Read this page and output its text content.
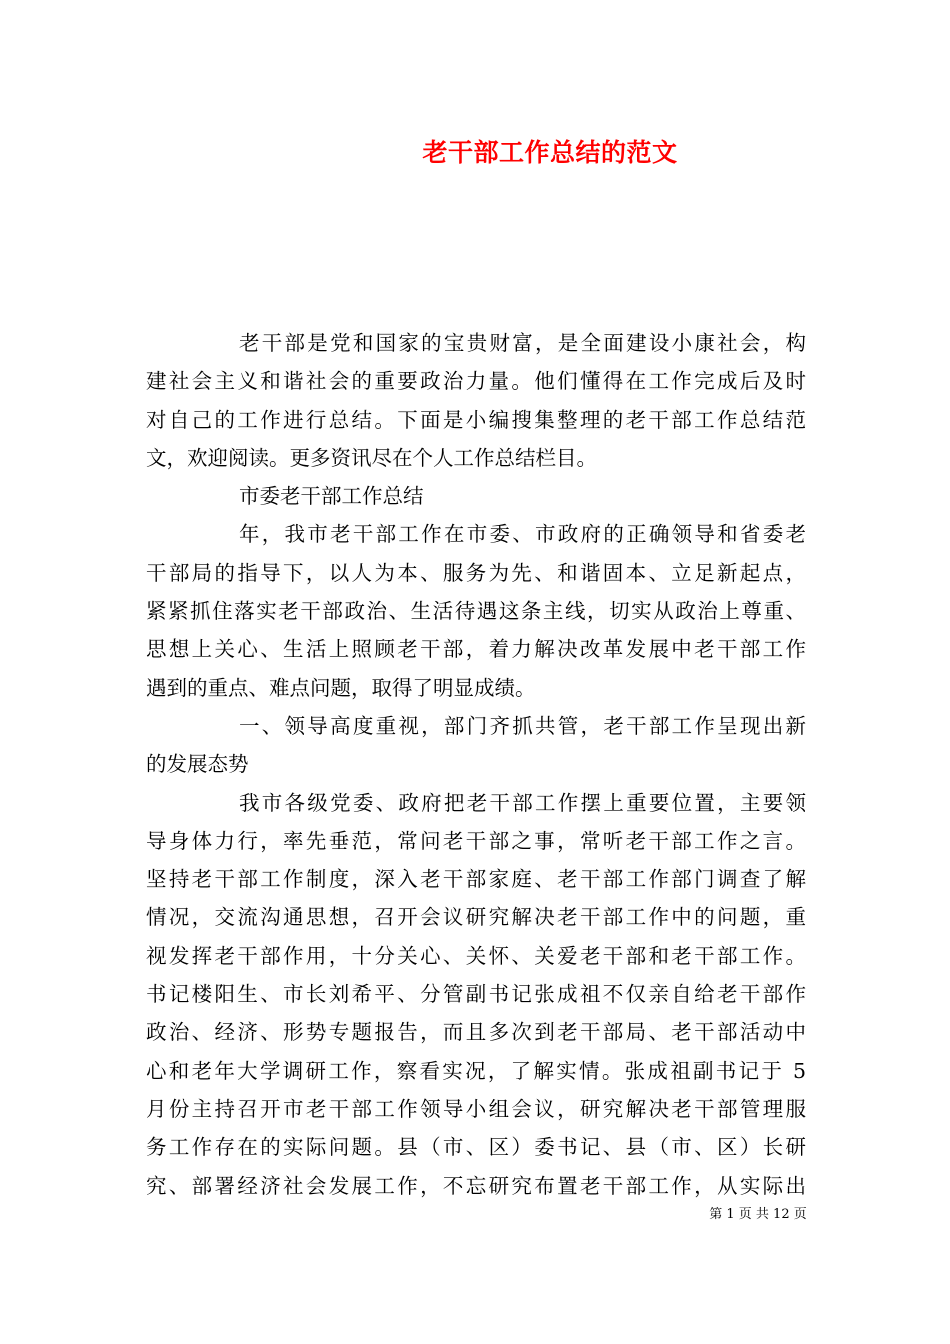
老干部工作总结的范文
老干部是党和国家的宝贵财富，是全面建设小康社会，构
建社会主义和谐社会的重要政治力量。他们懂得在工作完成后及时
对自己的工作进行总结。下面是小编搜集整理的老干部工作总结范
文，欢迎阅读。更多资讯尽在个人工作总结栏目。
市委老干部工作总结
年，我市老干部工作在市委、市政府的正确领导和省委老
干部局的指导下，以人为本、服务为先、和谐固本、立足新起点，
紧紧抓住落实老干部政治、生活待遇这条主线，切实从政治上尊重、
思想上关心、生活上照顾老干部，着力解决改革发展中老干部工作
遇到的重点、难点问题，取得了明显成绩。
一、领导高度重视，部门齐抓共管，老干部工作呈现出新
的发展态势
我市各级党委、政府把老干部工作摆上重要位置，主要领
导身体力行，率先垂范，常问老干部之事，常听老干部工作之言。
坚持老干部工作制度，深入老干部家庭、老干部工作部门调查了解
情况，交流沟通思想，召开会议研究解决老干部工作中的问题，重
视发挥老干部作用，十分关心、关怀、关爱老干部和老干部工作。
书记楼阳生、市长刘希平、分管副书记张成祖不仅亲自给老干部作
政治、经济、形势专题报告，而且多次到老干部局、老干部活动中
心和老年大学调研工作，察看实况，了解实情。张成祖副书记于 5
月份主持召开市老干部工作领导小组会议，研究解决老干部管理服
务工作存在的实际问题。县（市、区）委书记、县（市、区）长研
究、部署经济社会发展工作，不忘研究布置老干部工作，从实际出
第 1 页 共 12 页
